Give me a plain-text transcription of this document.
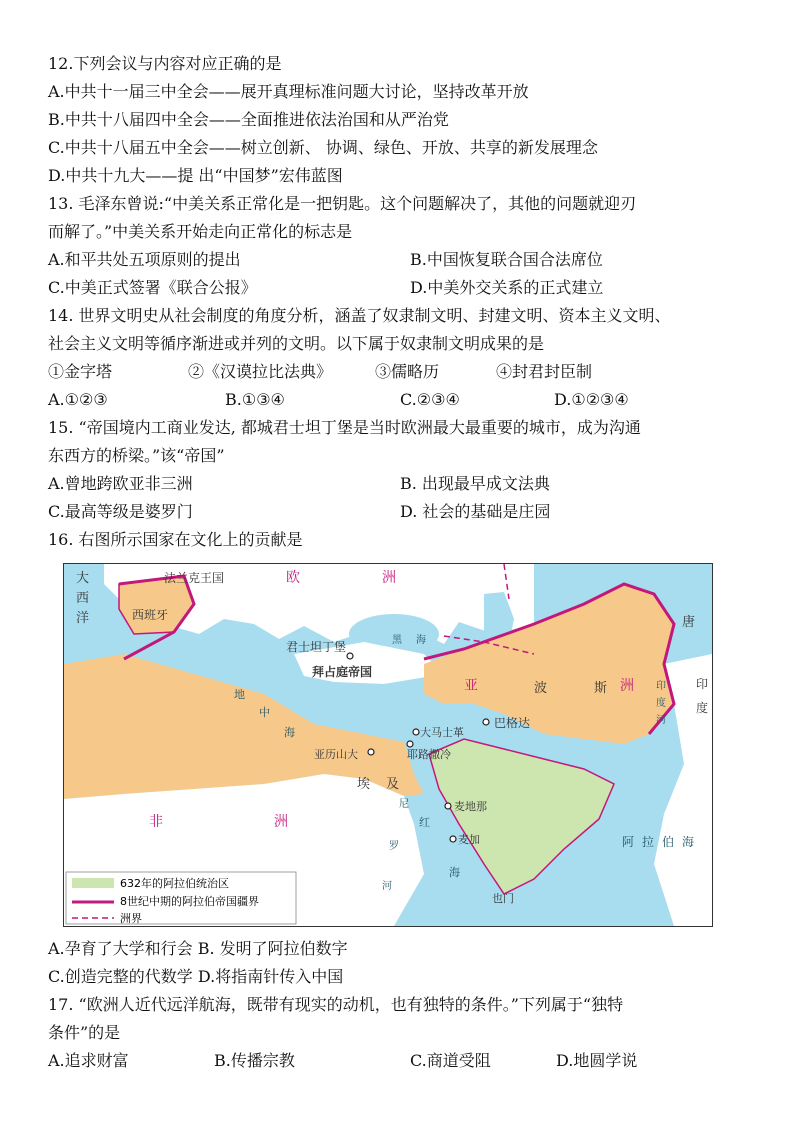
12.下列会议与内容对应正确的是
A.中共十一届三中全会——展开真理标准问题大讨论，坚持改革开放
B.中共十八届四中全会——全面推进依法治国和从严治党
C.中共十八届五中全会——树立创新、 协调、绿色、开放、共享的新发展理念
D.中共十九大——提 出“中国梦”宏伟蓝图
13. 毛泽东曾说:“中美关系正常化是一把钥匙。这个问题解决了，其他的问题就迎刃
而解了。”中美关系开始走向正常化的标志是
A.和平共处五项原则的提出	B.中国恢复联合国合法席位
C.中美正式签署《联合公报》	D.中美外交关系的正式建立
14. 世界文明史从社会制度的角度分析，涵盖了奴隶制文明、封建文明、资本主义文明、
社会主义文明等循序渐进或并列的文明。以下属于奴隶制文明成果的是
①金字塔	②《汉谟拉比法典》	③儒略历	④封君封臣制
A.①②③	B.①③④	C.②③④	D.①②③④
15. “帝国境内工商业发达, 都城君士坦丁堡是当时欧洲最大最重要的城市，成为沟通
东西方的桥梁。”该“帝国”
A.曾地跨欧亚非三洲	B. 出现最早成文法典
C.最高等级是婆罗门	D. 社会的基础是庄园
16. 右图所示国家在文化上的贡献是
大
西
洋
法兰克王国	欧	洲
西班牙	唐
君士坦丁堡
拜占庭帝国
黑 海
亚	洲
波	斯
巴格达
地
中
海	大马士革
耶路撒冷
亚历山大
埃 及
尼
罗
河
麦地那
麦加
红
海
非	洲
阿 拉 伯 海
也门
印
度
印
度
河
632年的阿拉伯统治区
8世纪中期的阿拉伯帝国疆界
洲界
A.孕育了大学和行会 B. 发明了阿拉伯数字
C.创造完整的代数学 D.将指南针传入中国
17. “欧洲人近代远洋航海，既带有现实的动机，也有独特的条件。”下列属于“独特
条件”的是
A.追求财富	B.传播宗教	C.商道受阻	D.地圆学说
